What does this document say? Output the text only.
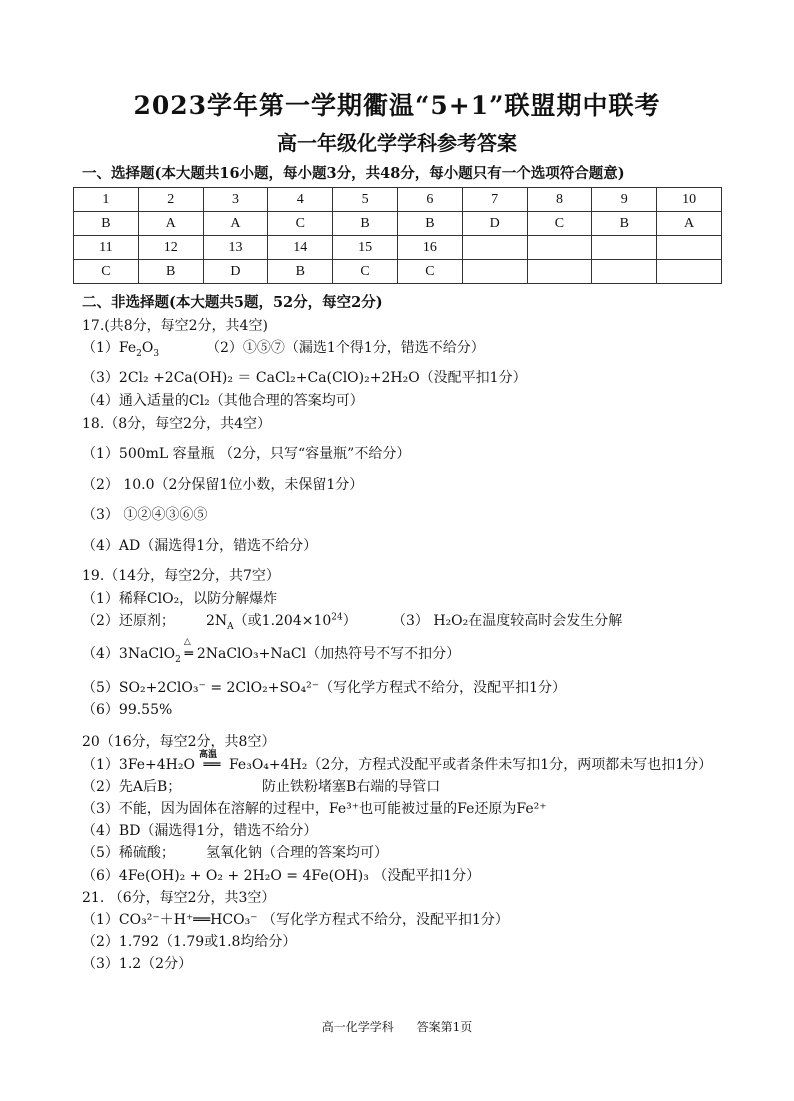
2023学年第一学期衢温“5+1”联盟期中联考
高一年级化学学科参考答案
一、选择题(本大题共16小题，每小题3分，共48分，每小题只有一个选项符合题意)
1	2	3	4	5	6	7	8	9	10
B	A	A	C	B	B	D	C	B	A
11	12	13	14	15	16				
C	B	D	B	C	C				
二、非选择题(本大题共5题，52分，每空2分)
17.(共8分，每空2分，共4空)
$(1)Fe_2O_3$	（2）①⑤⑦（漏选1个得1分，错选不给分）
（3）2Cl₂ +2Ca(OH)₂ ＝ CaCl₂+Ca(ClO)₂+2H₂O（没配平扣1分）
（4）通入适量的Cl₂（其他合理的答案均可）
18.（8分，每空2分，共4空）
（1）500mL 容量瓶 （2分，只写“容量瓶”不给分）
（2） 10.0（2分保留1位小数，未保留1分）
（3） ①②④③⑥⑤
（4）AD（漏选得1分，错选不给分）
19.（14分，每空2分，共7空）
（1）稀释ClO₂，以防分解爆炸
（2）还原剂； $2N_A$（或$1.204\times 10^{24}$）	（3） H₂O₂在温度较高时会发生分解
（4）3NaClO$_2$
△
═ 2NaClO₃+NaCl（加热符号不写不扣分）
（5）SO₂+2ClO₃⁻ = 2ClO₂+SO₄²⁻（写化学方程式不给分，没配平扣1分）
（6）99.55%
20（16分，每空2分，共8空）
（1）3Fe+4H₂O
高温
══ Fe₃O₄+4H₂（2分，方程式没配平或者条件未写扣1分，两项都未写也扣1分）
（2）先A后B；	防止铁粉堵塞B右端的导管口
（3）不能，因为固体在溶解的过程中，Fe³⁺也可能被过量的Fe还原为Fe²⁺
（4）BD（漏选得1分，错选不给分）
（5）稀硫酸； 氢氧化钠（合理的答案均可）
（6）4Fe(OH)₂ + O₂ + 2H₂O = 4Fe(OH)₃ （没配平扣1分）
21. （6分，每空2分，共3空）
（1）CO₃²⁻＋H⁺══HCO₃⁻ （写化学方程式不给分，没配平扣1分）
（2）1.792（1.79或1.8均给分）
（3）1.2（2分）
高一化学学科 答案第1页
